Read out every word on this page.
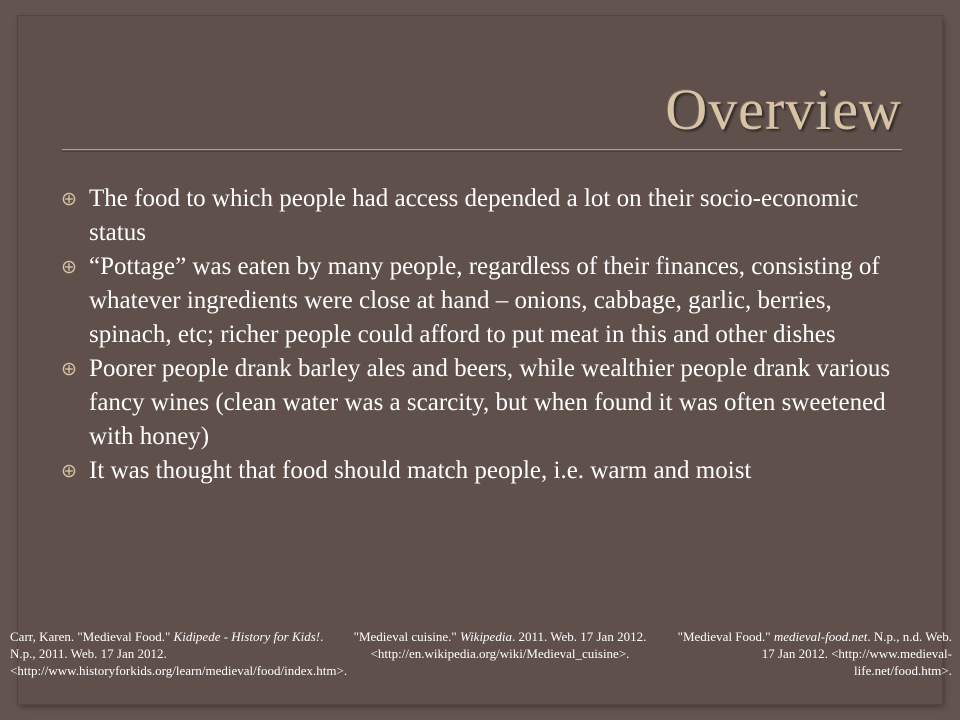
Overview
The food to which people had access depended a lot on their socio-economic status
“Pottage” was eaten by many people, regardless of their finances, consisting of whatever ingredients were close at hand – onions, cabbage, garlic, berries, spinach, etc; richer people could afford to put meat in this and other dishes
Poorer people drank barley ales and beers, while wealthier people drank various fancy wines (clean water was a scarcity, but when found it was often sweetened with honey)
It was thought that food should match people, i.e. warm and moist
Carr, Karen. "Medieval Food." Kidipede - History for Kids!. N.p., 2011. Web. 17 Jan 2012. <http://www.historyforkids.org/learn/medieval/food/index.htm>.
"Medieval cuisine." Wikipedia. 2011. Web. 17 Jan 2012. <http://en.wikipedia.org/wiki/Medieval_cuisine>.
"Medieval Food." medieval-food.net. N.p., n.d. Web. 17 Jan 2012. <http://www.medieval-life.net/food.htm>.
